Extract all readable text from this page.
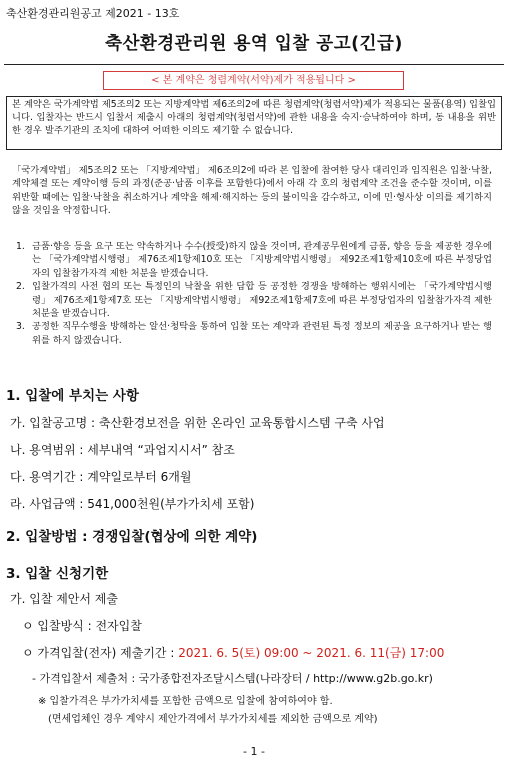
축산환경관리원공고 제2021 - 13호
축산환경관리원 용역 입찰 공고(긴급)
< 본 계약은 청렴계약(서약)제가 적용됩니다 >
본 계약은 국가계약법 제5조의2 또는 지방계약법 제6조의2에 따른 청렴계약(청렴서약)제가 적용되는 물품(용역) 입찰입니다. 입찰자는 반드시 입찰서 제출시 아래의 청렴계약(청렴서약)에 관한 내용을 숙지·승낙하여야 하며, 동 내용을 위반한 경우 발주기관의 조치에 대하여 어떠한 이의도 제기할 수 없습니다.
「국가계약법」 제5조의2 또는 「지방계약법」 제6조의2에 따라 본 입찰에 참여한 당사 대리인과 임직원은 입찰·낙찰, 계약체결 또는 계약이행 등의 과정(준공·납품 이후를 포함한다)에서 아래 각 호의 청렴계약 조건을 준수할 것이며, 이를 위반할 때에는 입찰·낙찰을 취소하거나 계약을 해제·해지하는 등의 불이익을 감수하고, 이에 민·형사상 이의를 제기하지 않을 것임을 약정합니다.
1. 금품·향응 등을 요구 또는 약속하거나 수수(授受)하지 않을 것이며, 관계공무원에게 금품, 향응 등을 제공한 경우에는 「국가계약법시행령」 제76조제1항제10호 또는 「지방계약법시행령」 제92조제1항제10호에 따른 부정당업자의 입찰참가자격 제한 처분을 받겠습니다.
2. 입찰가격의 사전 협의 또는 특정인의 낙찰을 위한 담합 등 공정한 경쟁을 방해하는 행위시에는 「국가계약법시행령」 제76조제1항제7호 또는 「지방계약법시행령」 제92조제1항제7호에 따른 부정당업자의 입찰참가자격 제한 처분을 받겠습니다.
3. 공정한 직무수행을 방해하는 알선·청탁을 통하여 입찰 또는 계약과 관련된 특정 정보의 제공을 요구하거나 받는 행위를 하지 않겠습니다.
1. 입찰에 부치는 사항
가. 입찰공고명 : 축산환경보전을 위한 온라인 교육통합시스템 구축 사업
나. 용역범위 : 세부내역 “과업지시서” 참조
다. 용역기간 : 계약일로부터 6개월
라. 사업금액 : 541,000천원(부가가치세 포함)
2. 입찰방법 : 경쟁입찰(협상에 의한 계약)
3. 입찰 신청기한
가. 입찰 제안서 제출
ㅇ 입찰방식 : 전자입찰
ㅇ 가격입찰(전자) 제출기간 : 2021. 6. 5(토) 09:00 ~ 2021. 6. 11(금) 17:00
- 가격입찰서 제출처 : 국가종합전자조달시스템(나라장터 / http://www.g2b.go.kr)
※ 입찰가격은 부가가치세를 포함한 금액으로 입찰에 참여하여야 함.
(면세업체인 경우 계약시 제안가격에서 부가가치세를 제외한 금액으로 계약)
- 1 -
